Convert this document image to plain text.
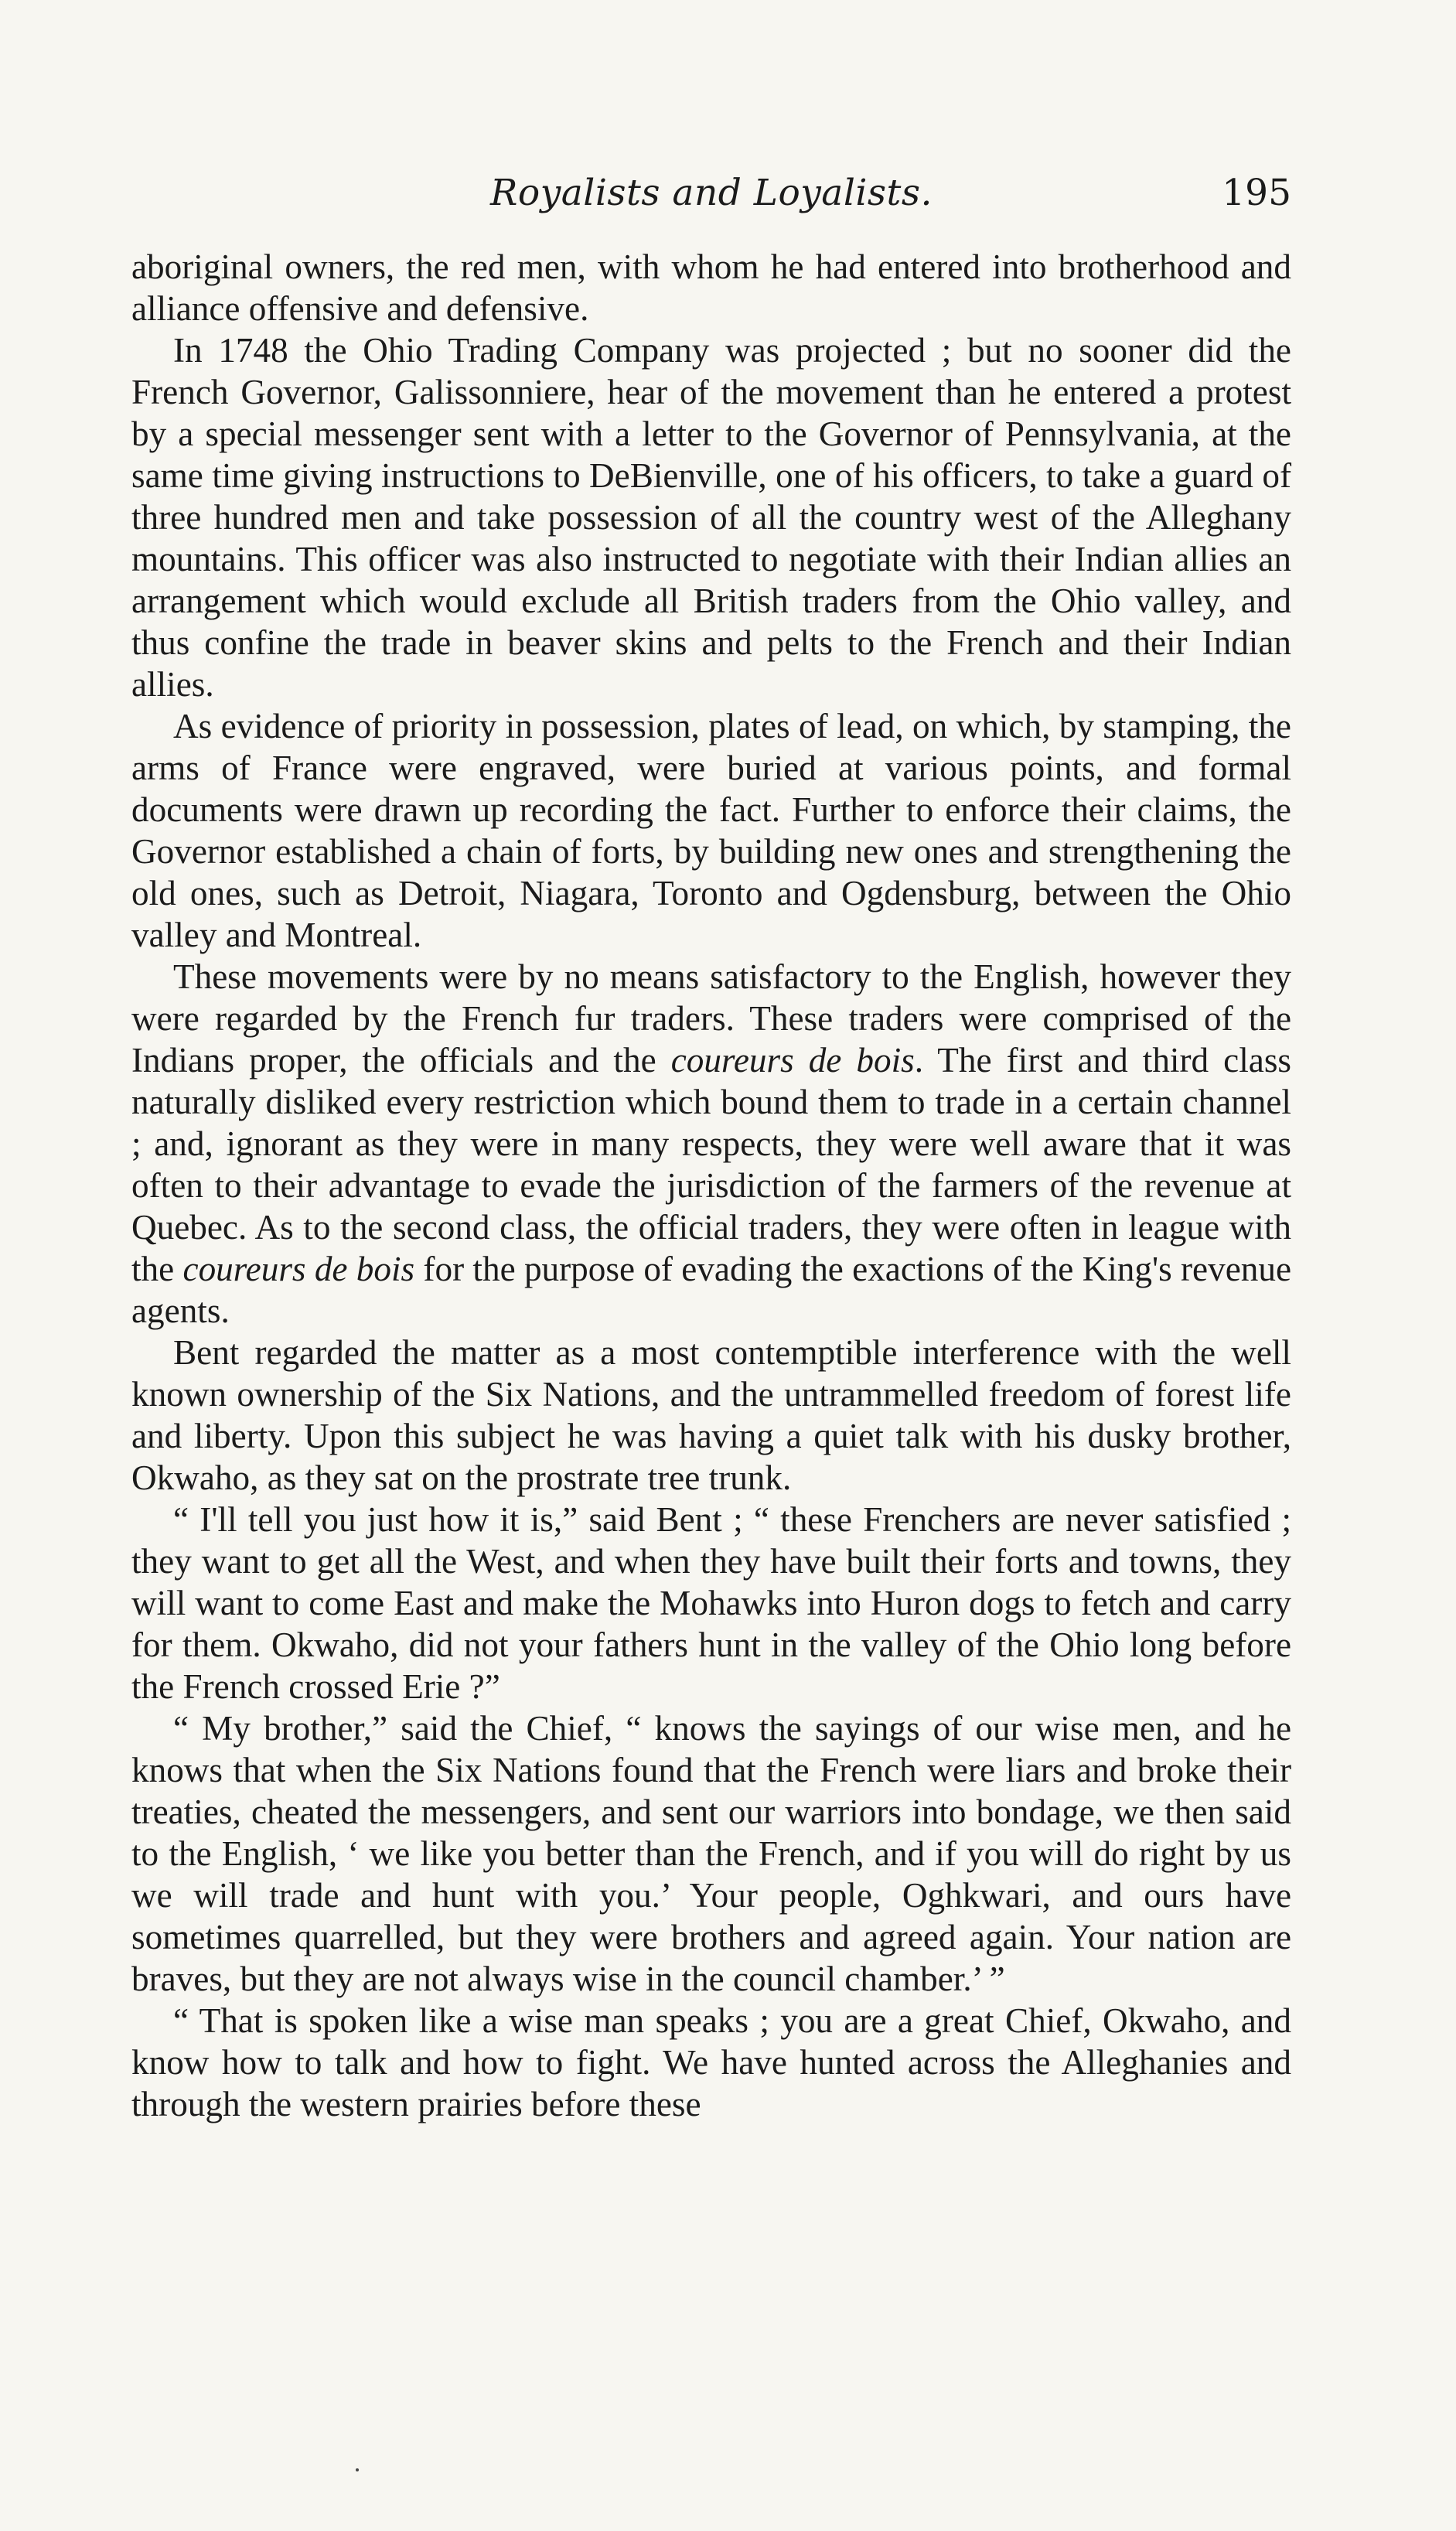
Royalists and Loyalists.	195

aboriginal owners, the red men, with whom he had entered into brotherhood and alliance offensive and defensive.

In 1748 the Ohio Trading Company was projected ; but no sooner did the French Governor, Galissonniere, hear of the movement than he entered a protest by a special messenger sent with a letter to the Governor of Pennsylvania, at the same time giving instructions to DeBienville, one of his officers, to take a guard of three hundred men and take possession of all the country west of the Alleghany mountains. This officer was also instructed to negotiate with their Indian allies an arrangement which would exclude all British traders from the Ohio valley, and thus confine the trade in beaver skins and pelts to the French and their Indian allies.

As evidence of priority in possession, plates of lead, on which, by stamping, the arms of France were engraved, were buried at various points, and formal documents were drawn up recording the fact. Further to enforce their claims, the Governor established a chain of forts, by building new ones and strengthening the old ones, such as Detroit, Niagara, Toronto and Ogdensburg, between the Ohio valley and Montreal.

These movements were by no means satisfactory to the English, however they were regarded by the French fur traders. These traders were comprised of the Indians proper, the officials and the coureurs de bois. The first and third class naturally disliked every restriction which bound them to trade in a certain channel ; and, ignorant as they were in many respects, they were well aware that it was often to their advantage to evade the jurisdiction of the farmers of the revenue at Quebec. As to the second class, the official traders, they were often in league with the coureurs de bois for the purpose of evading the exactions of the King's revenue agents.

Bent regarded the matter as a most contemptible interference with the well known ownership of the Six Nations, and the untrammelled freedom of forest life and liberty. Upon this subject he was having a quiet talk with his dusky brother, Okwaho, as they sat on the prostrate tree trunk.

“ I'll tell you just how it is,” said Bent ; “ these Frenchers are never satisfied ; they want to get all the West, and when they have built their forts and towns, they will want to come East and make the Mohawks into Huron dogs to fetch and carry for them. Okwaho, did not your fathers hunt in the valley of the Ohio long before the French crossed Erie ?”

“ My brother,” said the Chief, “ knows the sayings of our wise men, and he knows that when the Six Nations found that the French were liars and broke their treaties, cheated the messengers, and sent our warriors into bondage, we then said to the English, ‘ we like you better than the French, and if you will do right by us we will trade and hunt with you.’ Your people, Oghkwari, and ours have sometimes quarrelled, but they were brothers and agreed again. Your nation are braves, but they are not always wise in the council chamber.’ ”

“ That is spoken like a wise man speaks ; you are a great Chief, Okwaho, and know how to talk and how to fight. We have hunted across the Alleghanies and through the western prairies before these
